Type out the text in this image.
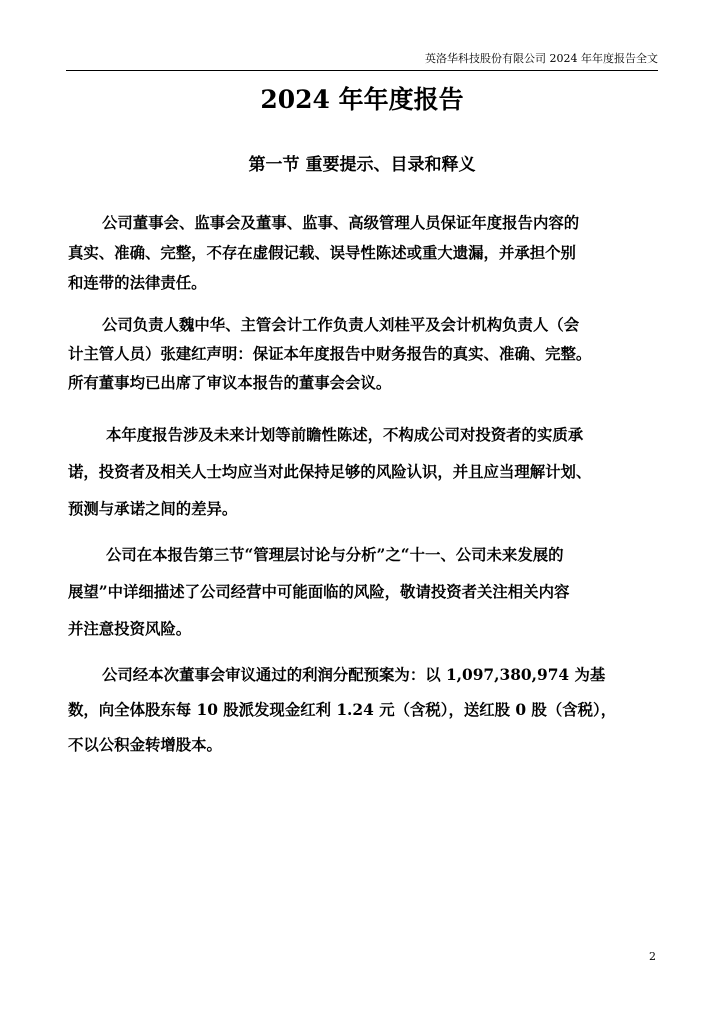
英洛华科技股份有限公司 2024 年年度报告全文
2024 年年度报告
第一节 重要提示、目录和释义
公司董事会、监事会及董事、监事、高级管理人员保证年度报告内容的
真实、准确、完整，不存在虚假记载、误导性陈述或重大遗漏，并承担个别
和连带的法律责任。
公司负责人魏中华、主管会计工作负责人刘桂平及会计机构负责人（会
计主管人员）张建红声明：保证本年度报告中财务报告的真实、准确、完整。
所有董事均已出席了审议本报告的董事会会议。
本年度报告涉及未来计划等前瞻性陈述，不构成公司对投资者的实质承
诺，投资者及相关人士均应当对此保持足够的风险认识，并且应当理解计划、
预测与承诺之间的差异。
公司在本报告第三节“管理层讨论与分析”之“十一、公司未来发展的
展望”中详细描述了公司经营中可能面临的风险，敬请投资者关注相关内容
并注意投资风险。
公司经本次董事会审议通过的利润分配预案为：以 1,097,380,974 为基
数，向全体股东每 10 股派发现金红利 1.24 元（含税），送红股 0 股（含税），
不以公积金转增股本。
2
